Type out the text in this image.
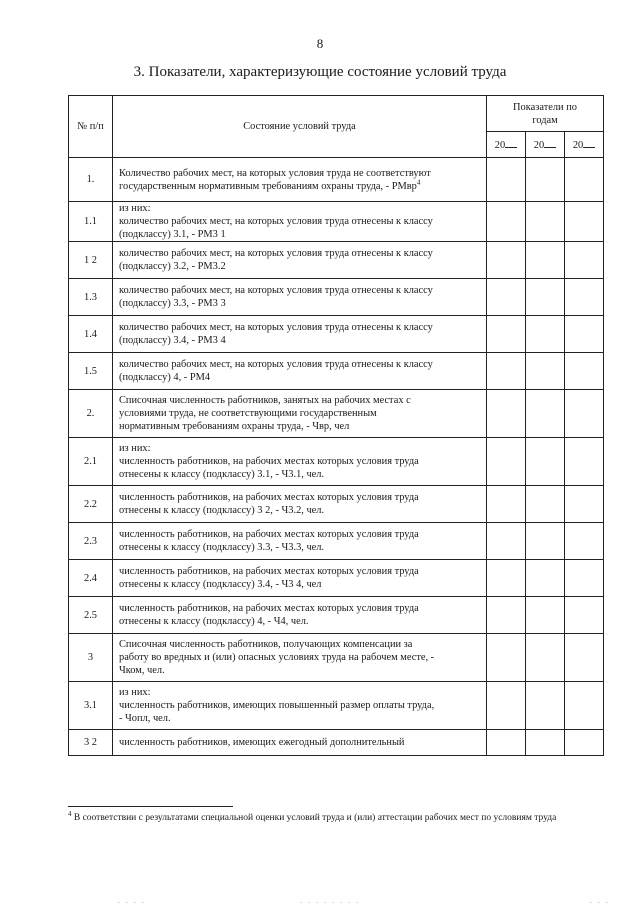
8
3. Показатели, характеризующие состояние условий труда
№ п/п	Состояние условий труда	Показатели по
годам		

		20	20	20
1.	Количество рабочих мест, на которых условия труда не соответствуют
государственным нормативным требованиям охраны труда, - РМвр$^4$

1.1	из них:
количество рабочих мест, на которых условия труда отнесены к классу
(подклассу) 3.1, - РМ3 1			

1 2	количество рабочих мест, на которых условия труда отнесены к классу
(подклассу) 3.2, - РМ3.2			

1.3	количество рабочих мест, на которых условия труда отнесены к классу
(подклассу) 3.3, - РМ3 3			

1.4	количество рабочих мест, на которых условия труда отнесены к классу
(подклассу) 3.4, - РМ3 4			

1.5	количество рабочих мест, на которых условия труда отнесены к классу
(подклассу) 4, - РМ4			

2.	Списочная численность работников, занятых на рабочих местах с
условиями труда, не соответствующими государственным
нормативным требованиям охраны труда, - Чвр, чел			

2.1	из них:
численность работников, на рабочих местах которых условия труда
отнесены к классу (подклассу) 3.1, - Ч3.1, чел.			

2.2	численность работников, на рабочих местах которых условия труда
отнесены к классу (подклассу) 3 2, - Ч3.2, чел.			

2.3	численность работников, на рабочих местах которых условия труда
отнесены к классу (подклассу) 3.3, - Ч3.3, чел.			

2.4	численность работников, на рабочих местах которых условия труда
отнесены к классу (подклассу) 3.4, - Ч3 4, чел			

2.5	численность работников, на рабочих местах которых условия труда
отнесены к классу (подклассу) 4, - Ч4, чел.			

3	Списочная численность работников, получающих компенсации за
работу во вредных и (или) опасных условиях труда на рабочем месте, -
Чком, чел.			

3.1	из них:
численность работников, имеющих повышенный размер оплаты труда,
- Чопл, чел.			

3 2	численность работников, имеющих ежегодный дополнительный			

$^4$ В соответствии с результатами специальной оценки условий труда и (или) аттестации рабочих мест по условиям труда
. . . .	. . . . . . . .	. . .
